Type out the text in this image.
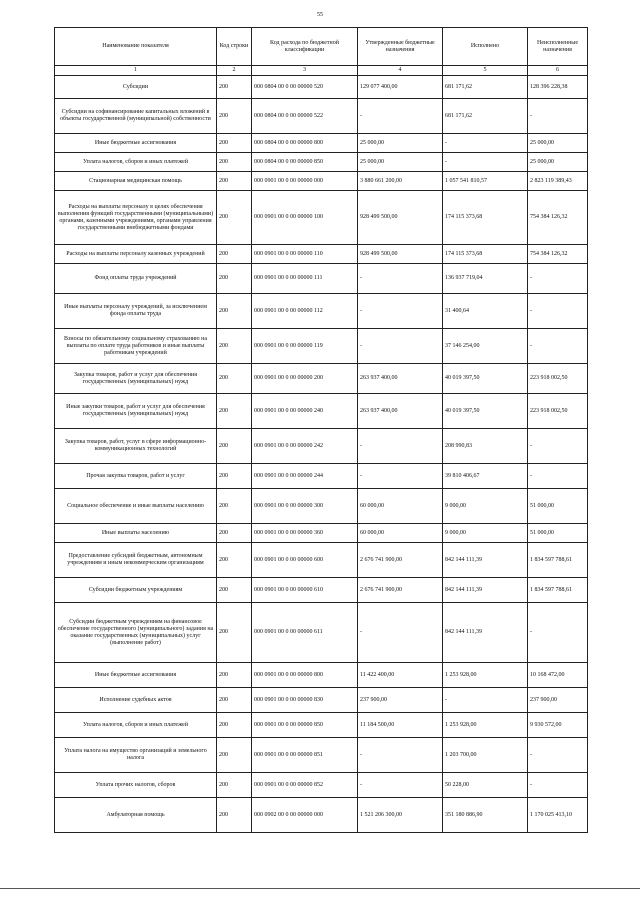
55
Наименование показателя	Код строки	Код расхода по бюджетной классификации	Утвержденные бюджетные назначения	Исполнено	Неисполненные назначения
1	2	3	4	5	6
Субсидии	200	000 0804 00 0 00 00000 520	129 077 400,00	681 171,62	128 396 228,38
Субсидии на софинансирование капитальных вложений в объекты государственной (муниципальной) собственности	200	000 0804 00 0 00 00000 522	-	681 171,62	-
Иные бюджетные ассигнования	200	000 0804 00 0 00 00000 800	25 000,00	-	25 000,00
Уплата налогов, сборов и иных платежей	200	000 0804 00 0 00 00000 850	25 000,00	-	25 000,00
Стационарная медицинская помощь	200	000 0901 00 0 00 00000 000	3 880 661 200,00	1 057 541 810,57	2 823 119 389,43
Расходы на выплаты персоналу в целях обеспечения выполнения функций государственными (муниципальными) органами, казенными учреждениями, органами управления государственными внебюджетными фондами	200	000 0901 00 0 00 00000 100	928 499 500,00	174 115 373,68	754 384 126,32
Расходы на выплаты персоналу казенных учреждений	200	000 0901 00 0 00 00000 110	928 499 500,00	174 115 373,68	754 384 126,32
Фонд оплаты труда учреждений	200	000 0901 00 0 00 00000 111	-	136 937 719,04	-
Иные выплаты персоналу учреждений, за исключением фонда оплаты труда	200	000 0901 00 0 00 00000 112	-	31 400,64	-
Взносы по обязательному социальному страхованию на выплаты по оплате труда работников и иные выплаты работникам учреждений	200	000 0901 00 0 00 00000 119	-	37 146 254,00	-
Закупка товаров, работ и услуг для обеспечения государственных (муниципальных) нужд	200	000 0901 00 0 00 00000 200	263 937 400,00	40 019 397,50	223 918 002,50
Иные закупки товаров, работ и услуг для обеспечения государственных (муниципальных) нужд	200	000 0901 00 0 00 00000 240	263 937 400,00	40 019 397,50	223 918 002,50
Закупка товаров, работ, услуг в сфере информационно-коммуникационных технологий	200	000 0901 00 0 00 00000 242	-	208 990,83	-
Прочая закупка товаров, работ и услуг	200	000 0901 00 0 00 00000 244	-	39 810 406,67	-
Социальное обеспечение и иные выплаты населению	200	000 0901 00 0 00 00000 300	60 000,00	9 000,00	51 000,00
Иные выплаты населению	200	000 0901 00 0 00 00000 360	60 000,00	9 000,00	51 000,00
Предоставление субсидий бюджетным, автономным учреждениям и иным некоммерческим организациям	200	000 0901 00 0 00 00000 600	2 676 741 900,00	842 144 111,39	1 834 597 788,61
Субсидии бюджетным учреждениям	200	000 0901 00 0 00 00000 610	2 676 741 900,00	842 144 111,39	1 834 597 788,61
Субсидии бюджетным учреждениям на финансовое обеспечение государственного (муниципального) задания на оказание государственных (муниципальных) услуг (выполнение работ)	200	000 0901 00 0 00 00000 611	-	842 144 111,39	-
Иные бюджетные ассигнования	200	000 0901 00 0 00 00000 800	11 422 400,00	1 253 928,00	10 168 472,00
Исполнение судебных актов	200	000 0901 00 0 00 00000 830	237 900,00	-	237 900,00
Уплата налогов, сборов и иных платежей	200	000 0901 00 0 00 00000 850	11 184 500,00	1 253 928,00	9 930 572,00
Уплата налога на имущество организаций и земельного налога	200	000 0901 00 0 00 00000 851	-	1 203 700,00	-
Уплата прочих налогов, сборов	200	000 0901 00 0 00 00000 852	-	50 228,00	-
Амбулаторная помощь	200	000 0902 00 0 00 00000 000	1 521 206 300,00	351 180 886,90	1 170 025 413,10
